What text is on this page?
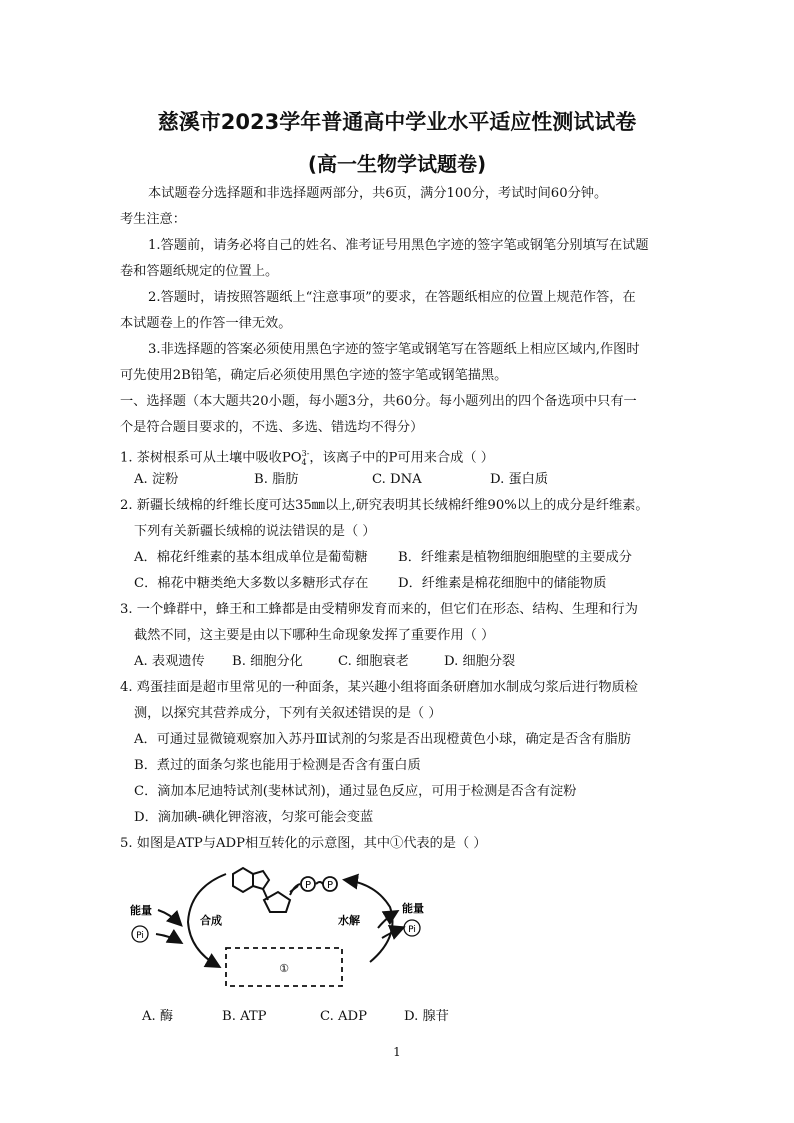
慈溪市2023学年普通高中学业水平适应性测试试卷
(高一生物学试题卷)
本试题卷分选择题和非选择题两部分，共6页，满分100分，考试时间60分钟。
考生注意：
1.答题前，请务必将自己的姓名、准考证号用黑色字迹的签字笔或钢笔分别填写在试题
卷和答题纸规定的位置上。
2.答题时，请按照答题纸上“注意事项”的要求，在答题纸相应的位置上规范作答，在
本试题卷上的作答一律无效。
3.非选择题的答案必须使用黑色字迹的签字笔或钢笔写在答题纸上相应区域内,作图时
可先使用2B铅笔，确定后必须使用黑色字迹的签字笔或钢笔描黑。
一、选择题（本大题共20小题，每小题3分，共60分。每小题列出的四个备选项中只有一
个是符合题目要求的，不选、多选、错选均不得分）
1. 茶树根系可从土壤中吸收$PO_4^{3-}$，该离子中的P可用来合成（ ）
A. 淀粉	B. 脂肪	C. DNA	D. 蛋白质
2. 新疆长绒棉的纤维长度可达35㎜以上,研究表明其长绒棉纤维90%以上的成分是纤维素。
下列有关新疆长绒棉的说法错误的是（ ）
A．棉花纤维素的基本组成单位是葡萄糖 B．纤维素是植物细胞细胞壁的主要成分
C．棉花中糖类绝大多数以多糖形式存在 D．纤维素是棉花细胞中的储能物质
3. 一个蜂群中，蜂王和工蜂都是由受精卵发育而来的，但它们在形态、结构、生理和行为
截然不同，这主要是由以下哪种生命现象发挥了重要作用（ ）
A. 表观遗传 B. 细胞分化	C. 细胞衰老	D. 细胞分裂
4. 鸡蛋挂面是超市里常见的一种面条，某兴趣小组将面条研磨加水制成匀浆后进行物质检
测，以探究其营养成分，下列有关叙述错误的是（ ）
A．可通过显微镜观察加入苏丹Ⅲ试剂的匀浆是否出现橙黄色小球，确定是否含有脂肪
B．煮过的面条匀浆也能用于检测是否含有蛋白质
C．滴加本尼迪特试剂(斐林试剂)，通过显色反应，可用于检测是否含有淀粉
D．滴加碘-碘化钾溶液，匀浆可能会变蓝
5. 如图是ATP与ADP相互转化的示意图，其中①代表的是（ ）
P P
能量
Pi
合成	水解
能量
Pi
①
A. 酶	B. ATP	C. ADP	D. 腺苷
1
